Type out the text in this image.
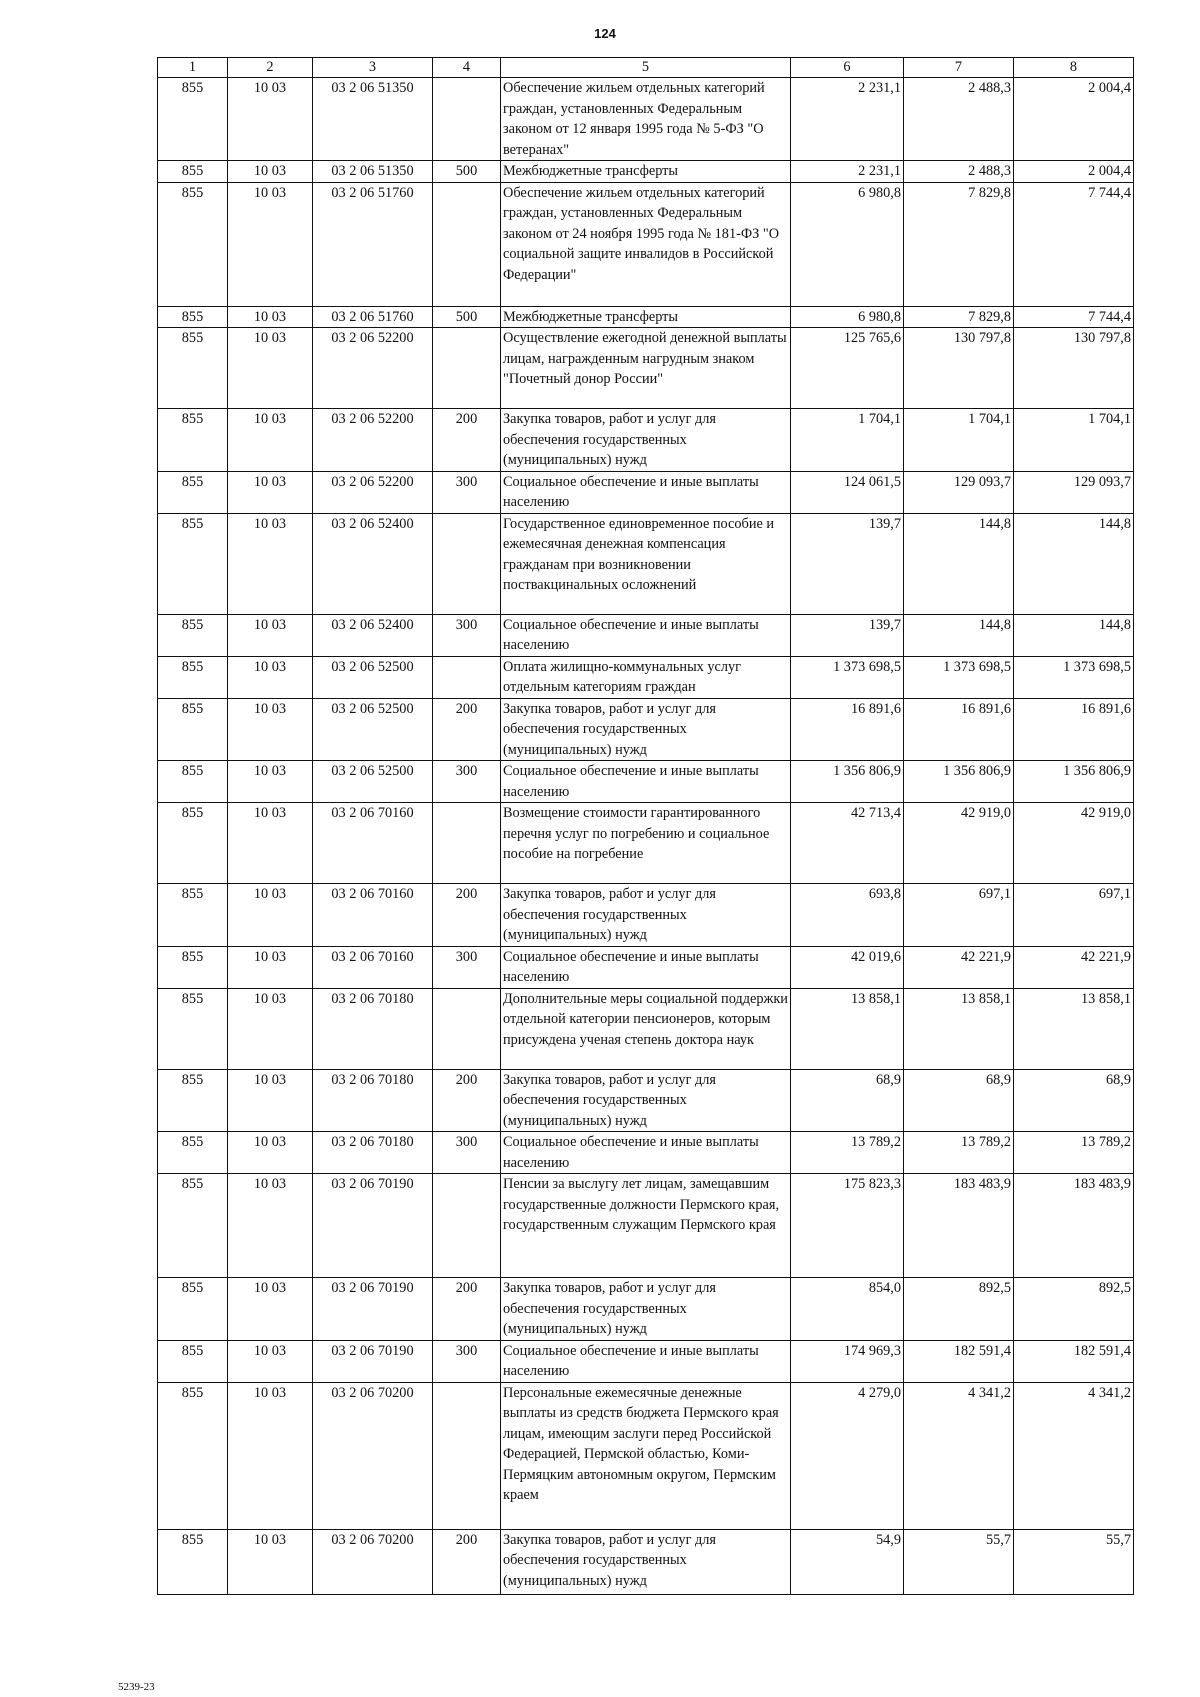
124
1	2	3	4	5	6	7	8
855	10 03	03 2 06 51350		Обеспечение жильем отдельных категорий граждан, установленных Федеральным законом от 12 января 1995 года № 5-ФЗ "О ветеранах"	2 231,1	2 488,3	2 004,4
855	10 03	03 2 06 51350	500	Межбюджетные трансферты	2 231,1	2 488,3	2 004,4
855	10 03	03 2 06 51760		Обеспечение жильем отдельных категорий граждан, установленных Федеральным законом от 24 ноября 1995 года № 181-ФЗ "О социальной защите инвалидов в Российской Федерации"	6 980,8	7 829,8	7 744,4
855	10 03	03 2 06 51760	500	Межбюджетные трансферты	6 980,8	7 829,8	7 744,4
855	10 03	03 2 06 52200		Осуществление ежегодной денежной выплаты лицам, награжденным нагрудным знаком "Почетный донор России"	125 765,6	130 797,8	130 797,8
855	10 03	03 2 06 52200	200	Закупка товаров, работ и услуг для обеспечения государственных (муниципальных) нужд	1 704,1	1 704,1	1 704,1
855	10 03	03 2 06 52200	300	Социальное обеспечение и иные выплаты населению	124 061,5	129 093,7	129 093,7
855	10 03	03 2 06 52400		Государственное единовременное пособие и ежемесячная денежная компенсация гражданам при возникновении поствакцинальных осложнений	139,7	144,8	144,8
855	10 03	03 2 06 52400	300	Социальное обеспечение и иные выплаты населению	139,7	144,8	144,8
855	10 03	03 2 06 52500		Оплата жилищно-коммунальных услуг отдельным категориям граждан	1 373 698,5	1 373 698,5	1 373 698,5
855	10 03	03 2 06 52500	200	Закупка товаров, работ и услуг для обеспечения государственных (муниципальных) нужд	16 891,6	16 891,6	16 891,6
855	10 03	03 2 06 52500	300	Социальное обеспечение и иные выплаты населению	1 356 806,9	1 356 806,9	1 356 806,9
855	10 03	03 2 06 70160		Возмещение стоимости гарантированного перечня услуг по погребению и социальное пособие на погребение	42 713,4	42 919,0	42 919,0
855	10 03	03 2 06 70160	200	Закупка товаров, работ и услуг для обеспечения государственных (муниципальных) нужд	693,8	697,1	697,1
855	10 03	03 2 06 70160	300	Социальное обеспечение и иные выплаты населению	42 019,6	42 221,9	42 221,9
855	10 03	03 2 06 70180		Дополнительные меры социальной поддержки отдельной категории пенсионеров, которым присуждена ученая степень доктора наук	13 858,1	13 858,1	13 858,1
855	10 03	03 2 06 70180	200	Закупка товаров, работ и услуг для обеспечения государственных (муниципальных) нужд	68,9	68,9	68,9
855	10 03	03 2 06 70180	300	Социальное обеспечение и иные выплаты населению	13 789,2	13 789,2	13 789,2
855	10 03	03 2 06 70190		Пенсии за выслугу лет лицам, замещавшим государственные должности Пермского края, государственным служащим Пермского края	175 823,3	183 483,9	183 483,9
855	10 03	03 2 06 70190	200	Закупка товаров, работ и услуг для обеспечения государственных (муниципальных) нужд	854,0	892,5	892,5
855	10 03	03 2 06 70190	300	Социальное обеспечение и иные выплаты населению	174 969,3	182 591,4	182 591,4
855	10 03	03 2 06 70200		Персональные ежемесячные денежные выплаты из средств бюджета Пермского края лицам, имеющим заслуги перед Российской Федерацией, Пермской областью, Коми-Пермяцким автономным округом, Пермским краем	4 279,0	4 341,2	4 341,2
855	10 03	03 2 06 70200	200	Закупка товаров, работ и услуг для обеспечения государственных (муниципальных) нужд	54,9	55,7	55,7
5239-23
